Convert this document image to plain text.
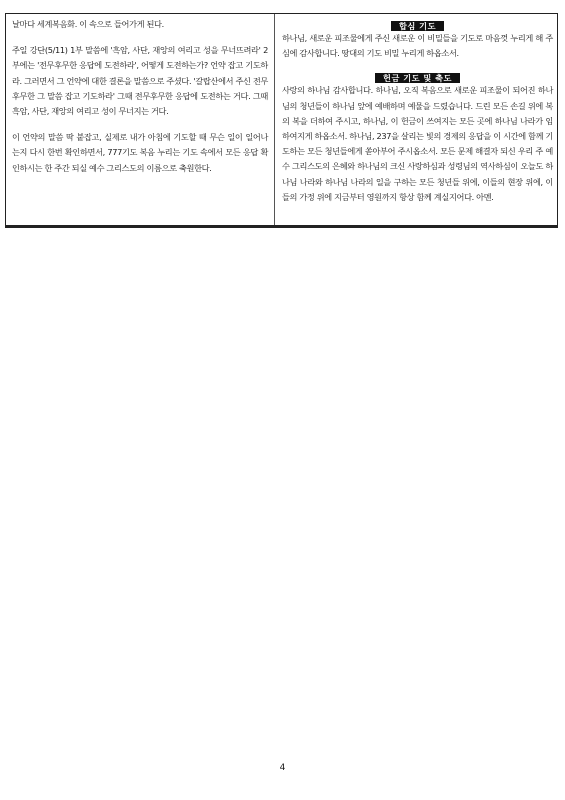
날마다 세계복음화. 이 속으로 들어가게 된다.

주일 강단(5/11) 1부 말씀에 '흑암, 사단, 재앙의 여리고 성을 무너뜨려라' 2부에는 '전무후무한 응답에 도전하라', 어떻게 도전하는가? 언약 잡고 기도하라. 그러면서 그 언약에 대한 결론을 말씀으로 주셨다. '갈랍산에서 주신 전무후무한 그 말씀 잡고 기도하라' 그때 전무후무한 응답에 도전하는 거다. 그때 흑암, 사단, 재앙의 여리고 성이 무너지는 거다.

이 언약의 말씀 딱 붙잡고, 실제로 내가 아침에 기도할 때 무슨 일이 일어나는지 다시 한번 확인하면서, 777기도 복음 누리는 기도 속에서 모든 응답 확인하시는 한 주간 되실 예수 그리스도의 이름으로 축원한다.

합심 기도

하나님, 새로운 피조물에게 주신 새로운 이 비밀들을 기도로 마음껏 누리게 해 주심에 감사합니다. 땅대의 기도 비밀 누리게 하옵소서.

헌금 기도 및 축도

사랑의 하나님 감사합니다. 하나님, 오직 복음으로 새로운 피조물이 되어진 하나님의 청년들이 하나님 앞에 예배하며 예물을 드렸습니다. 드린 모든 손길 위에 복의 복을 더하여 주시고, 하나님, 이 헌금이 쓰여지는 모든 곳에 하나님 나라가 임하여지게 하옵소서. 하나님, 237을 살리는 빛의 경제의 응답을 이 시간에 함께 기도하는 모든 청년들에게 쏟아부어 주시옵소서. 모든 문제 해결자 되신 우리 주 예수 그리스도의 은혜와 하나님의 크신 사랑하심과 성령님의 역사하심이 오늘도 하나님 나라와 하나님 나라의 일을 구하는 모든 청년들 위에, 이들의 현장 위에, 이들의 가정 위에 지금부터 영원까지 항상 함께 계실지어다. 아멘.

4
